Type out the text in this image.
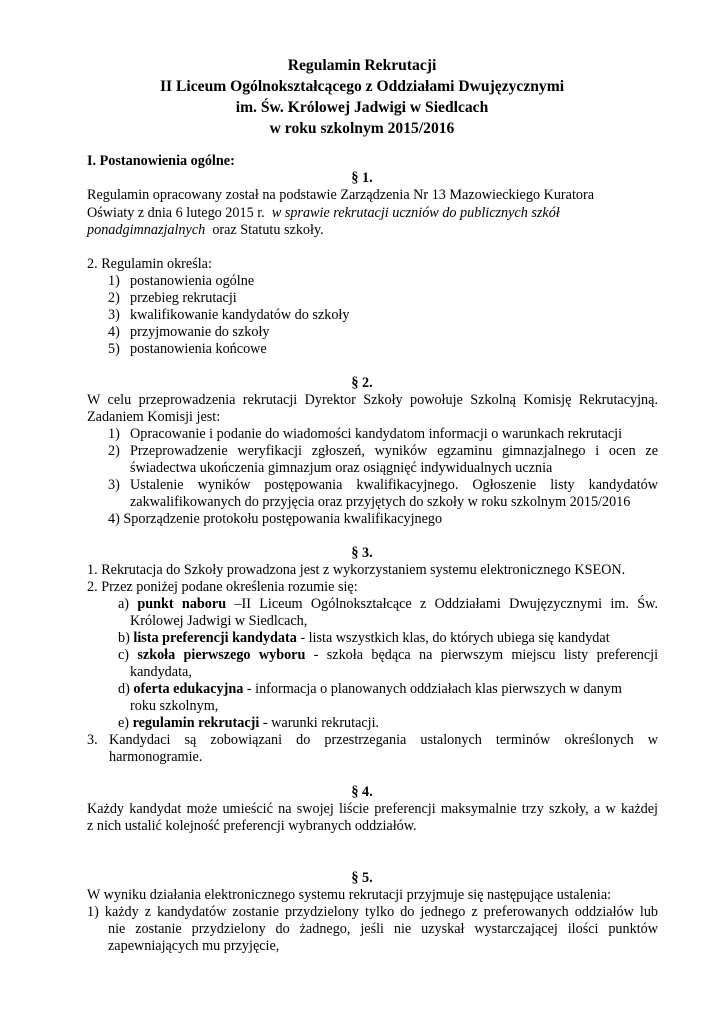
Regulamin Rekrutacji
II Liceum Ogólnokształcącego z Oddziałami Dwujęzycznymi
im. Św. Królowej Jadwigi w Siedlcach
w roku szkolnym 2015/2016
I. Postanowienia ogólne:
§ 1.
Regulamin opracowany został na podstawie Zarządzenia Nr 13 Mazowieckiego Kuratora
Oświaty z dnia 6 lutego 2015 r. w sprawie rekrutacji uczniów do publicznych szkół
ponadgimnazjalnych oraz Statutu szkoły.
2. Regulamin określa:
1) postanowienia ogólne
2) przebieg rekrutacji
3) kwalifikowanie kandydatów do szkoły
4) przyjmowanie do szkoły
5) postanowienia końcowe
§ 2.
W celu przeprowadzenia rekrutacji Dyrektor Szkoły powołuje Szkolną Komisję Rekrutacyjną.
Zadaniem Komisji jest:
1) Opracowanie i podanie do wiadomości kandydatom informacji o warunkach rekrutacji
2) Przeprowadzenie weryfikacji zgłoszeń, wyników egzaminu gimnazjalnego i ocen ze
świadectwa ukończenia gimnazjum oraz osiągnięć indywidualnych ucznia
3) Ustalenie wyników postępowania kwalifikacyjnego. Ogłoszenie listy kandydatów
zakwalifikowanych do przyjęcia oraz przyjętych do szkoły w roku szkolnym 2015/2016
4) Sporządzenie protokołu postępowania kwalifikacyjnego
§ 3.
1. Rekrutacja do Szkoły prowadzona jest z wykorzystaniem systemu elektronicznego KSEON.
2. Przez poniżej podane określenia rozumie się:
a) punkt naboru –II Liceum Ogólnokształcące z Oddziałami Dwujęzycznymi im. Św.
Królowej Jadwigi w Siedlcach,
b) lista preferencji kandydata - lista wszystkich klas, do których ubiega się kandydat
c) szkoła pierwszego wyboru - szkoła będąca na pierwszym miejscu listy preferencji
kandydata,
d) oferta edukacyjna - informacja o planowanych oddziałach klas pierwszych w danym
roku szkolnym,
e) regulamin rekrutacji - warunki rekrutacji.
3. Kandydaci są zobowiązani do przestrzegania ustalonych terminów określonych w
harmonogramie.
§ 4.
Każdy kandydat może umieścić na swojej liście preferencji maksymalnie trzy szkoły, a w każdej
z nich ustalić kolejność preferencji wybranych oddziałów.
§ 5.
W wyniku działania elektronicznego systemu rekrutacji przyjmuje się następujące ustalenia:
1) każdy z kandydatów zostanie przydzielony tylko do jednego z preferowanych oddziałów lub
nie zostanie przydzielony do żadnego, jeśli nie uzyskał wystarczającej ilości punktów
zapewniających mu przyjęcie,
